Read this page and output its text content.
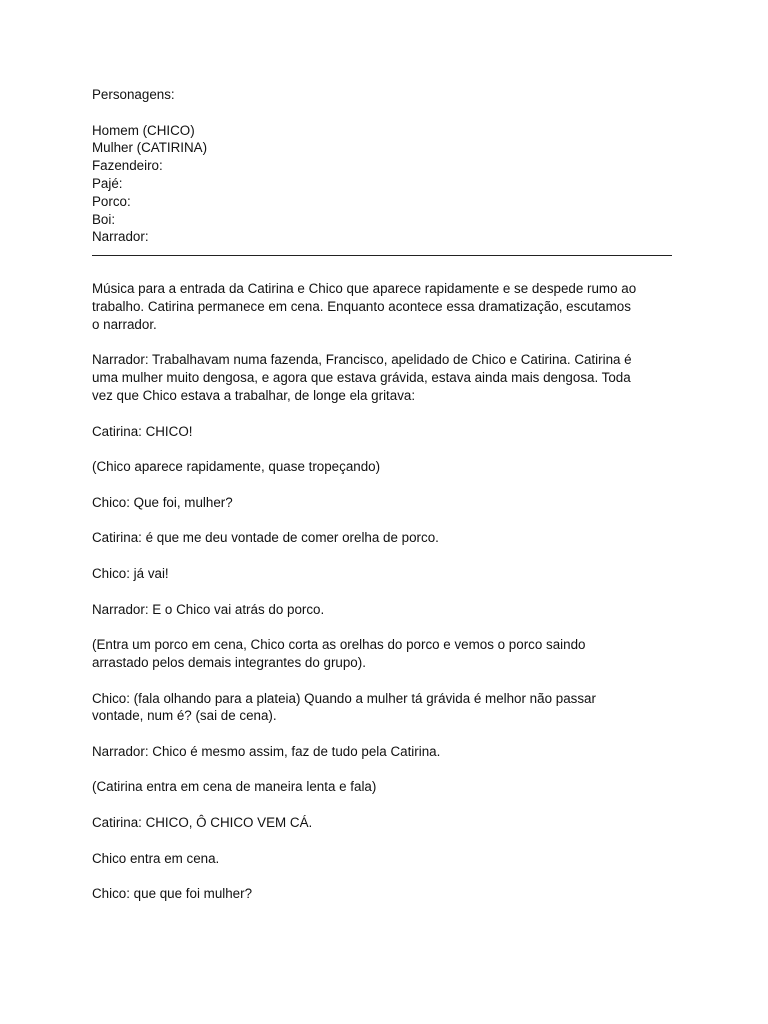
Personagens:
Homem (CHICO)
Mulher (CATIRINA)
Fazendeiro:
Pajé:
Porco:
Boi:
Narrador:

Música para a entrada da Catirina e Chico que aparece rapidamente e se despede rumo ao
trabalho. Catirina permanece em cena. Enquanto acontece essa dramatização, escutamos
o narrador.

Narrador: Trabalhavam numa fazenda, Francisco, apelidado de Chico e Catirina. Catirina é
uma mulher muito dengosa, e agora que estava grávida, estava ainda mais dengosa. Toda
vez que Chico estava a trabalhar, de longe ela gritava:

Catirina: CHICO!

(Chico aparece rapidamente, quase tropeçando)

Chico: Que foi, mulher?

Catirina: é que me deu vontade de comer orelha de porco.

Chico: já vai!

Narrador: E o Chico vai atrás do porco.

(Entra um porco em cena, Chico corta as orelhas do porco e vemos o porco saindo
arrastado pelos demais integrantes do grupo).

Chico: (fala olhando para a plateia) Quando a mulher tá grávida é melhor não passar
vontade, num é? (sai de cena).

Narrador: Chico é mesmo assim, faz de tudo pela Catirina.

(Catirina entra em cena de maneira lenta e fala)

Catirina: CHICO, Ô CHICO VEM CÁ.

Chico entra em cena.

Chico: que que foi mulher?
